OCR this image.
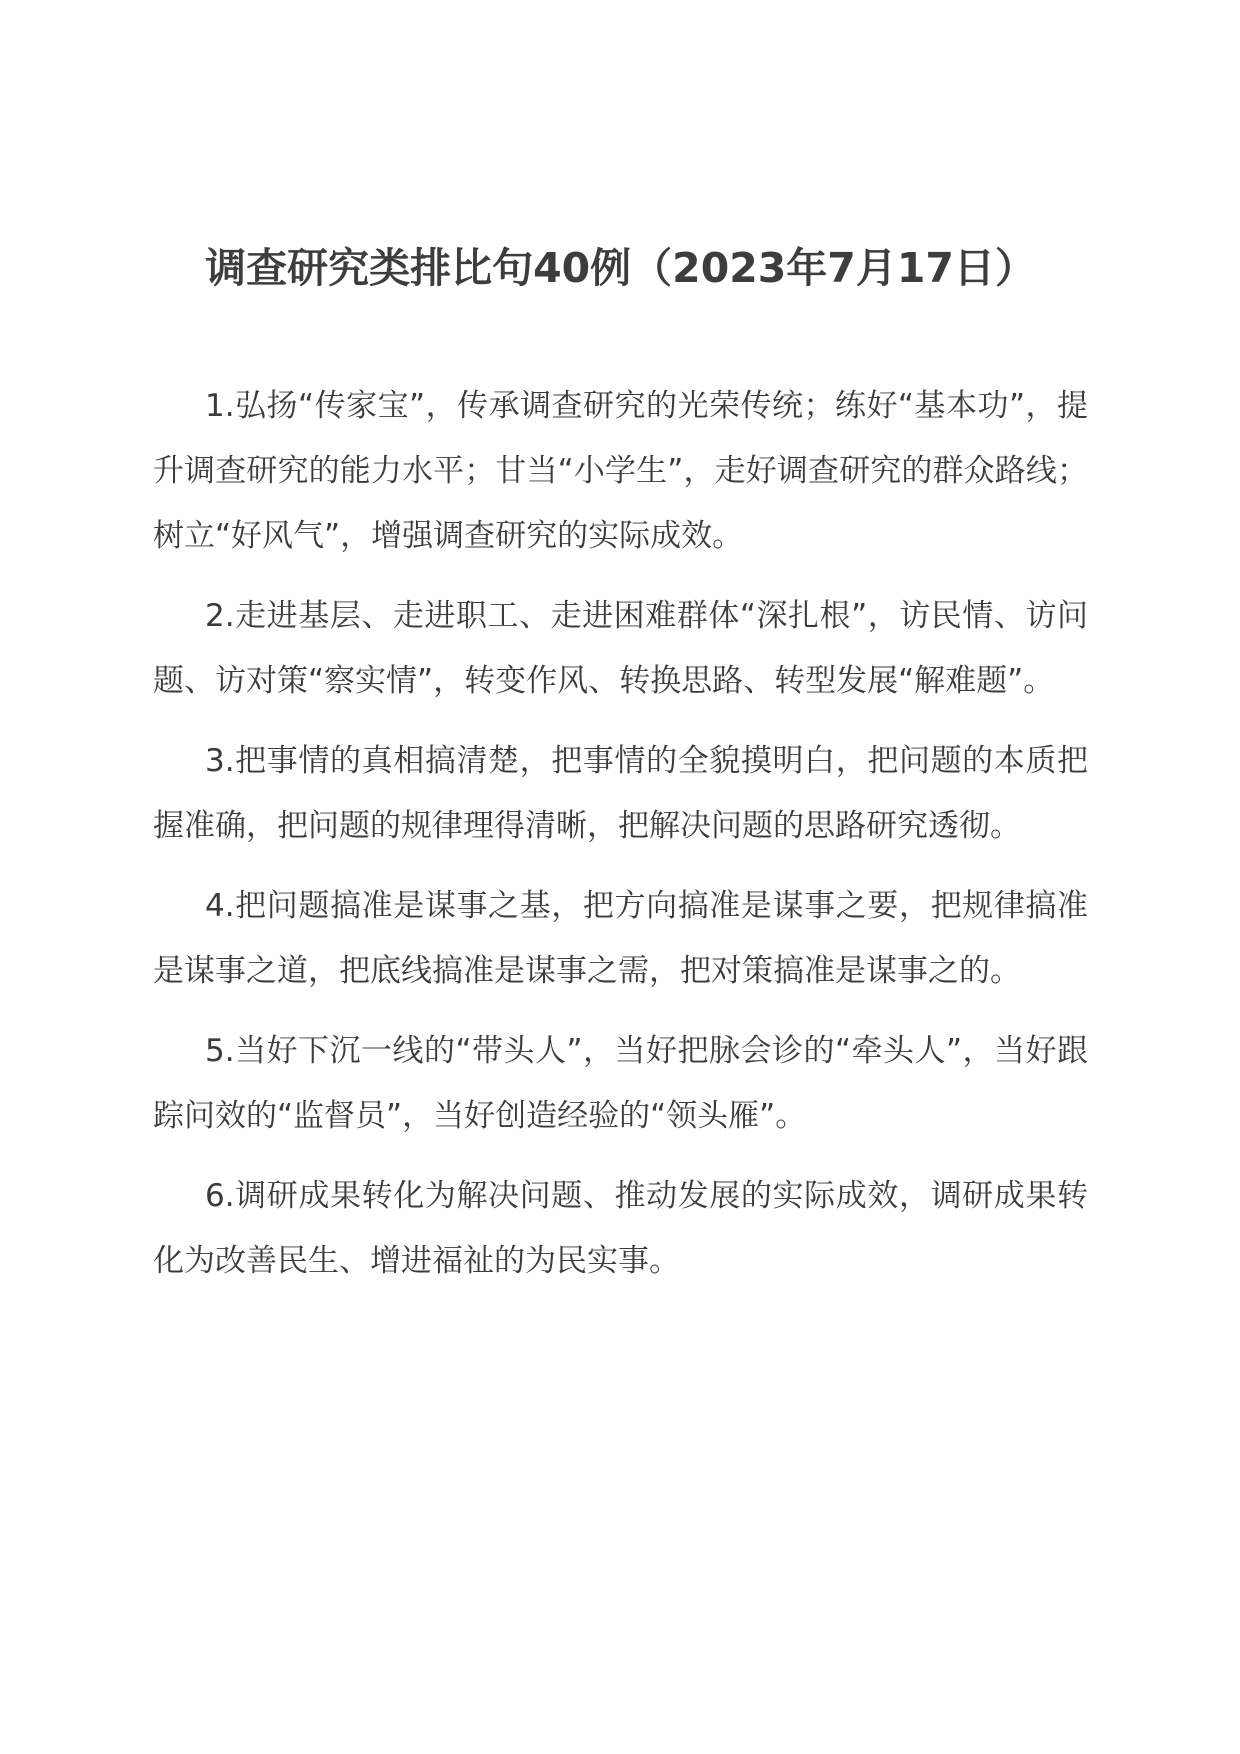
调查研究类排比句40例（2023年7月17日）

1.弘扬“传家宝”，传承调查研究的光荣传统；练好“基本功”，提升调查研究的能力水平；甘当“小学生”，走好调查研究的群众路线；树立“好风气”，增强调查研究的实际成效。

2.走进基层、走进职工、走进困难群体“深扎根”，访民情、访问题、访对策“察实情”，转变作风、转换思路、转型发展“解难题”。

3.把事情的真相搞清楚，把事情的全貌摸明白，把问题的本质把握准确，把问题的规律理得清晰，把解决问题的思路研究透彻。

4.把问题搞准是谋事之基，把方向搞准是谋事之要，把规律搞准是谋事之道，把底线搞准是谋事之需，把对策搞准是谋事之的。

5.当好下沉一线的“带头人”，当好把脉会诊的“牵头人”，当好跟踪问效的“监督员”，当好创造经验的“领头雁”。

6.调研成果转化为解决问题、推动发展的实际成效，调研成果转化为改善民生、增进福祉的为民实事。
